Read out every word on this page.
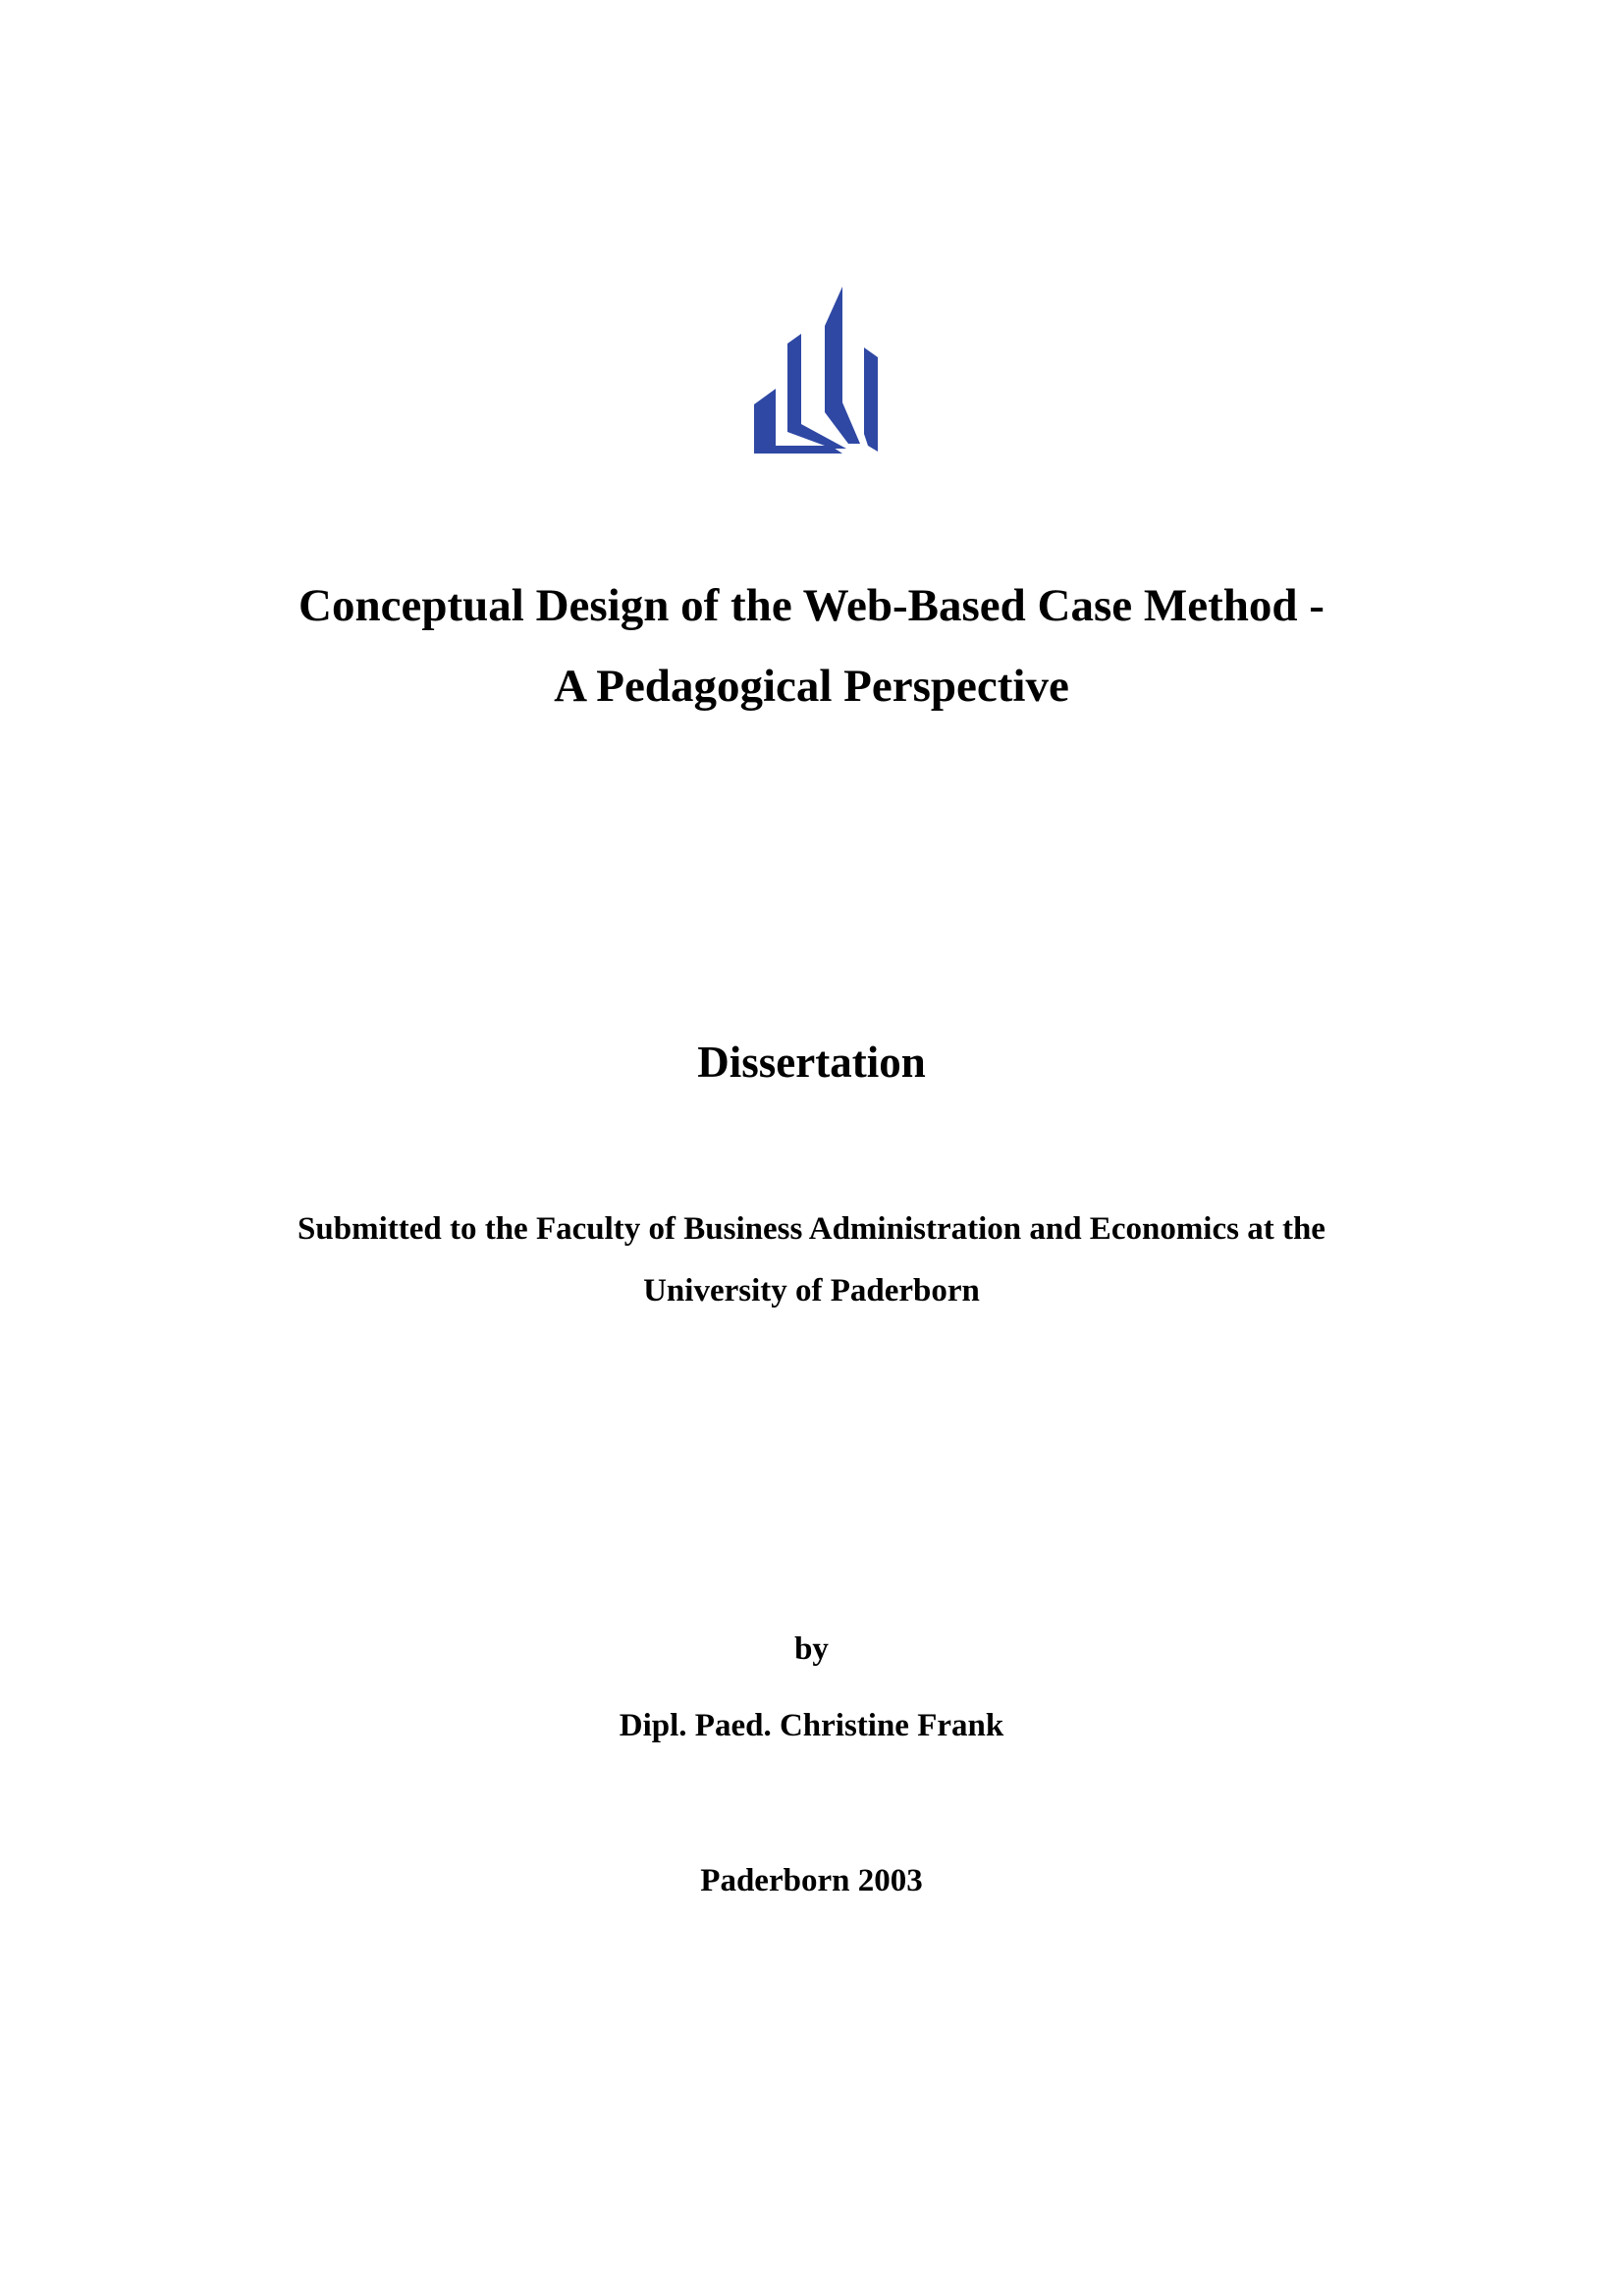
Conceptual Design of the Web-Based Case Method -
A Pedagogical Perspective
Dissertation
Submitted to the Faculty of Business Administration and Economics at the
University of Paderborn
by
Dipl. Paed. Christine Frank
Paderborn 2003
